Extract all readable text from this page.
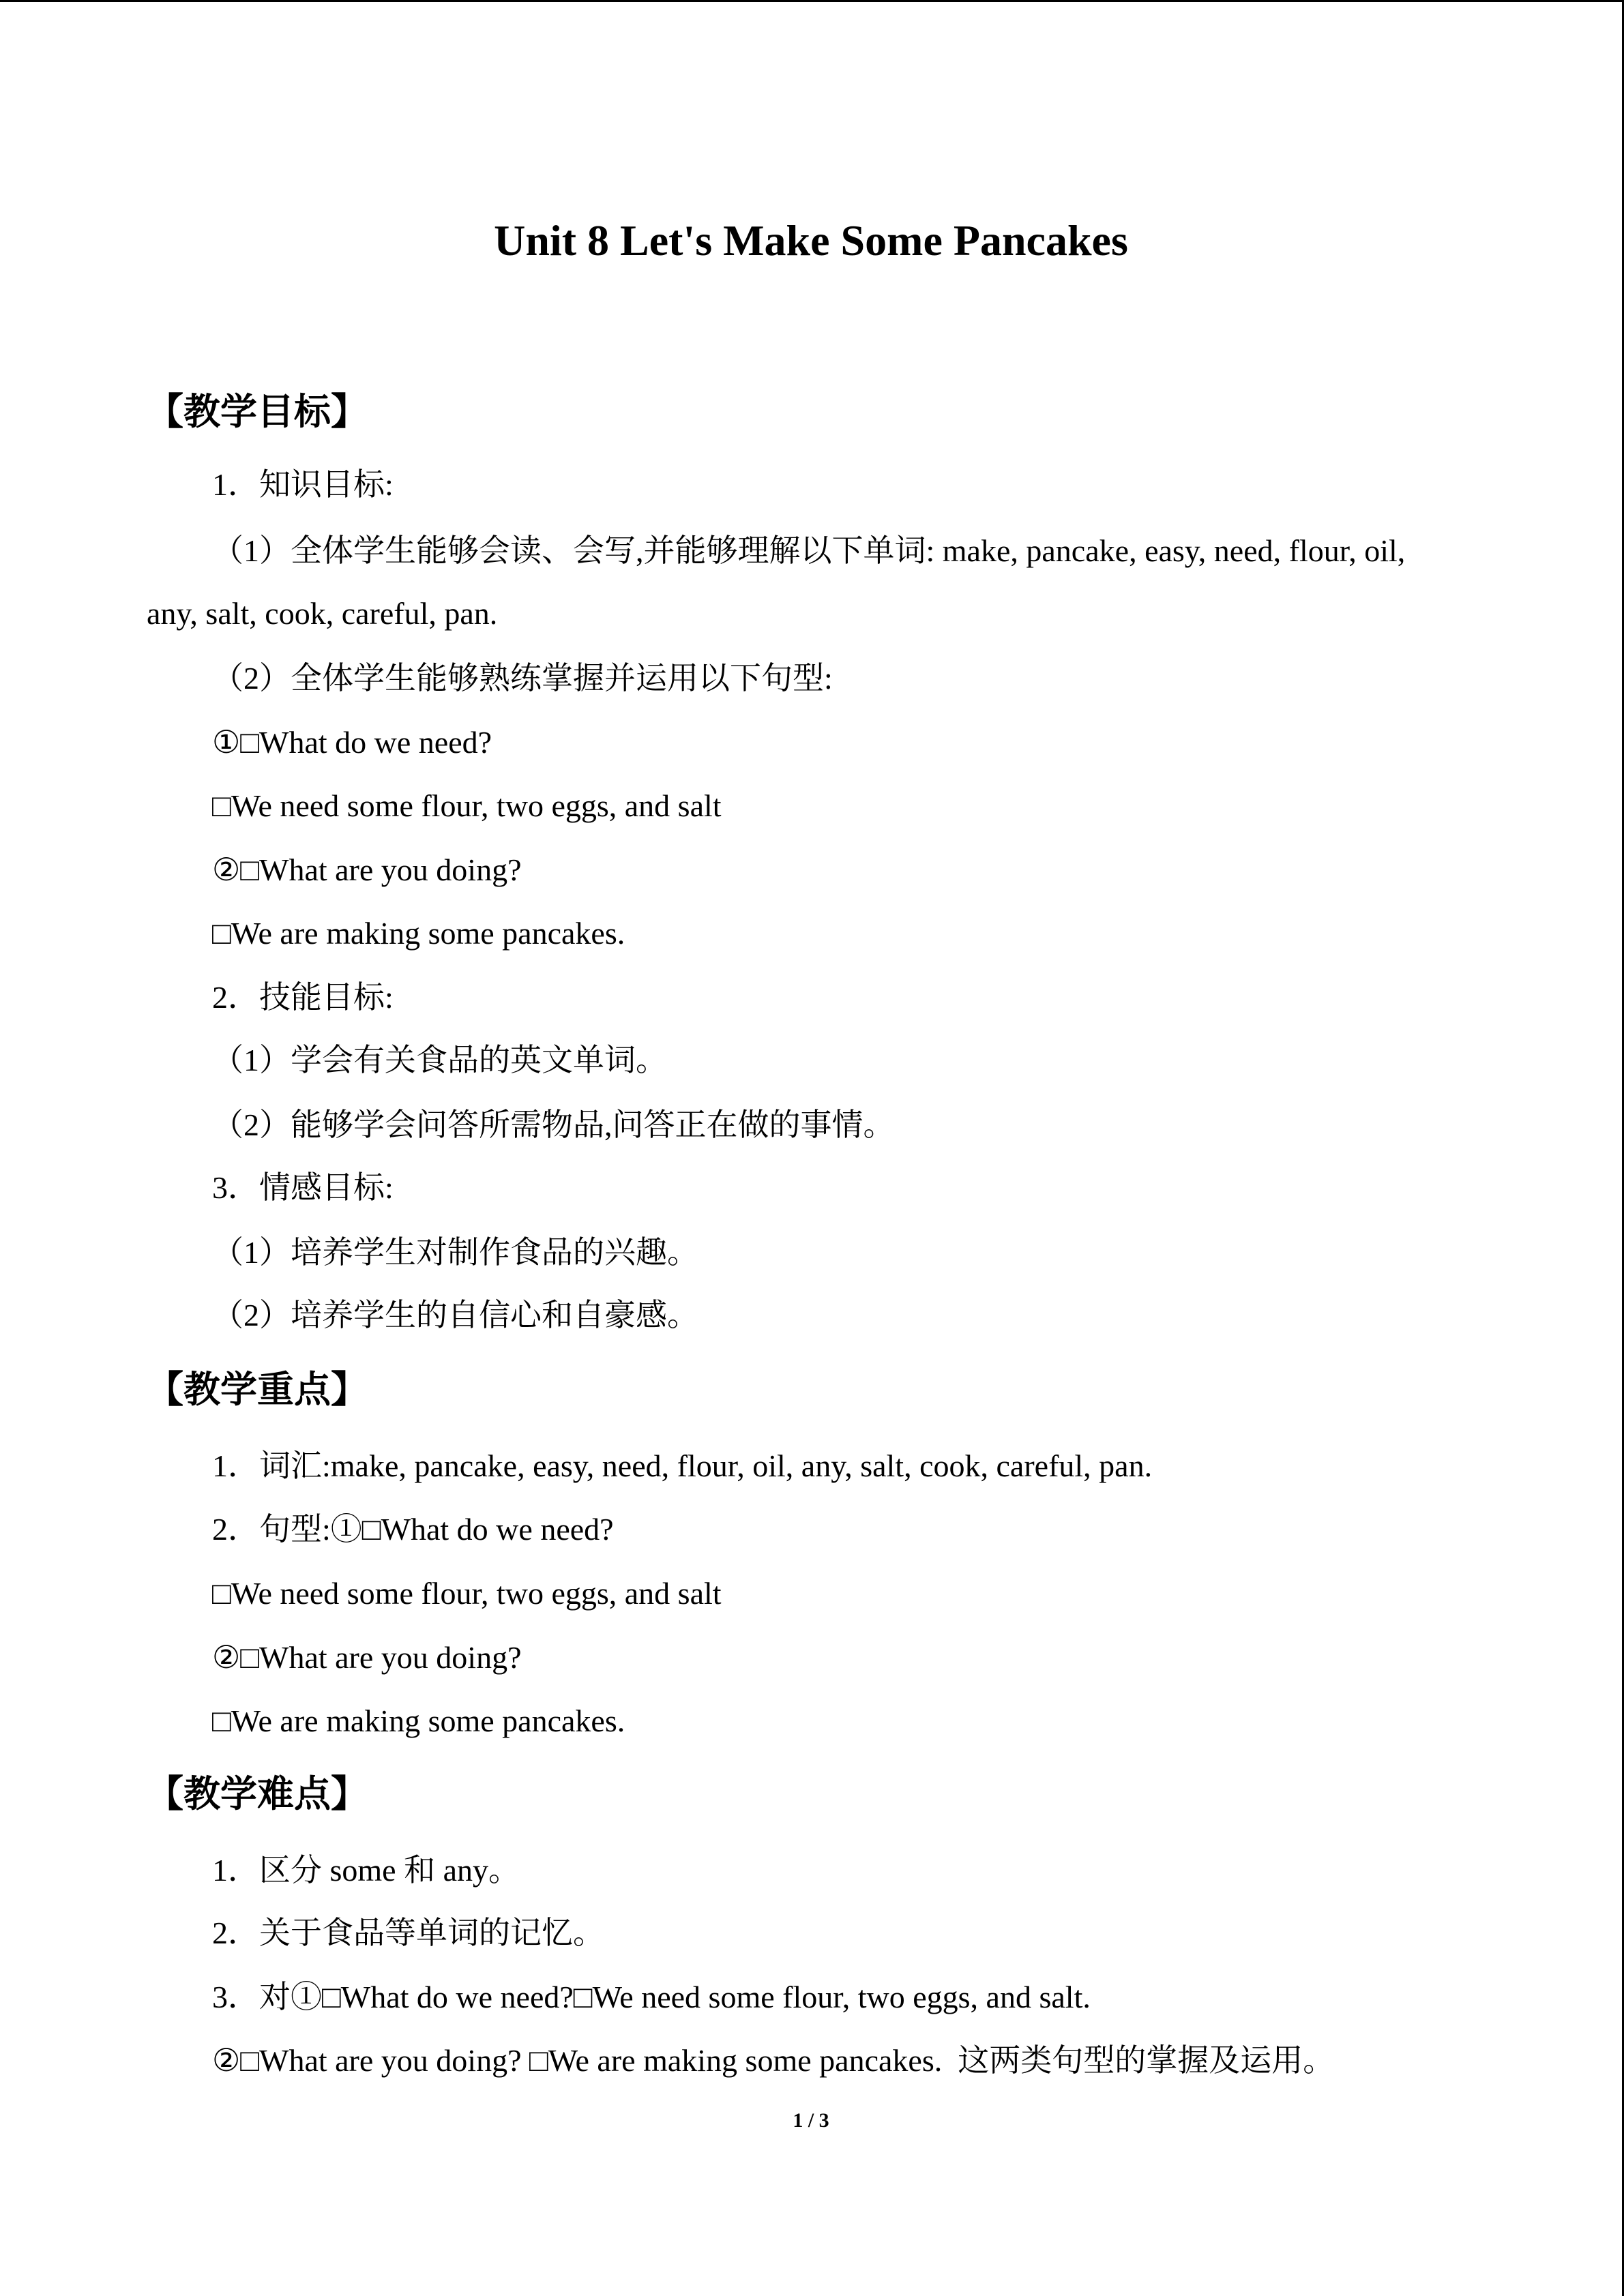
Unit 8 Let's Make Some Pancakes
【教学目标】
1．知识目标:
（1）全体学生能够会读、会写,并能够理解以下单词: make, pancake, easy, need, flour, oil,
any, salt, cook, careful, pan.
（2）全体学生能够熟练掌握并运用以下句型:
①□What do we need?
□We need some flour, two eggs, and salt
②□What are you doing?
□We are making some pancakes.
2．技能目标:
（1）学会有关食品的英文单词。
（2）能够学会问答所需物品,问答正在做的事情。
3．情感目标:
（1）培养学生对制作食品的兴趣。
（2）培养学生的自信心和自豪感。
【教学重点】
1．词汇:make, pancake, easy, need, flour, oil, any, salt, cook, careful, pan.
2．句型:①□What do we need?
□We need some flour, two eggs, and salt
②□What are you doing?
□We are making some pancakes.
【教学难点】
1．区分 some 和 any。
2．关于食品等单词的记忆。
3．对①□What do we need?□We need some flour, two eggs, and salt.
②□What are you doing? □We are making some pancakes.  这两类句型的掌握及运用。
1 / 3
